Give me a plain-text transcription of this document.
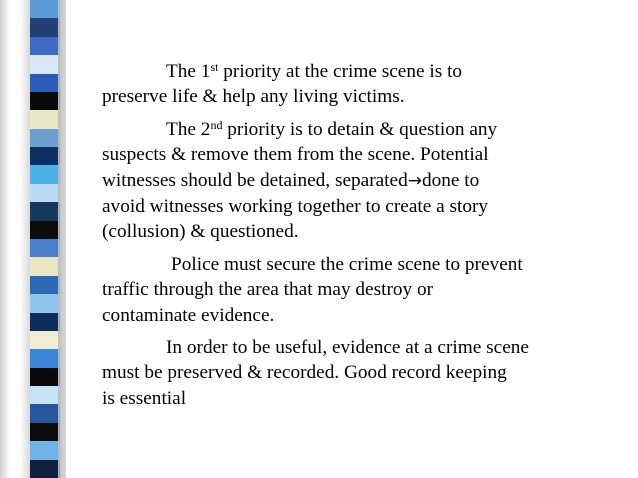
The 1st priority at the crime scene is to
preserve life & help any living victims.

The 2nd priority is to detain & question any
suspects & remove them from the scene. Potential
witnesses should be detained, separated→done to
avoid witnesses working together to create a story
(collusion) & questioned.

Police must secure the crime scene to prevent
traffic through the area that may destroy or
contaminate evidence.

In order to be useful, evidence at a crime scene
must be preserved & recorded. Good record keeping
is essential
